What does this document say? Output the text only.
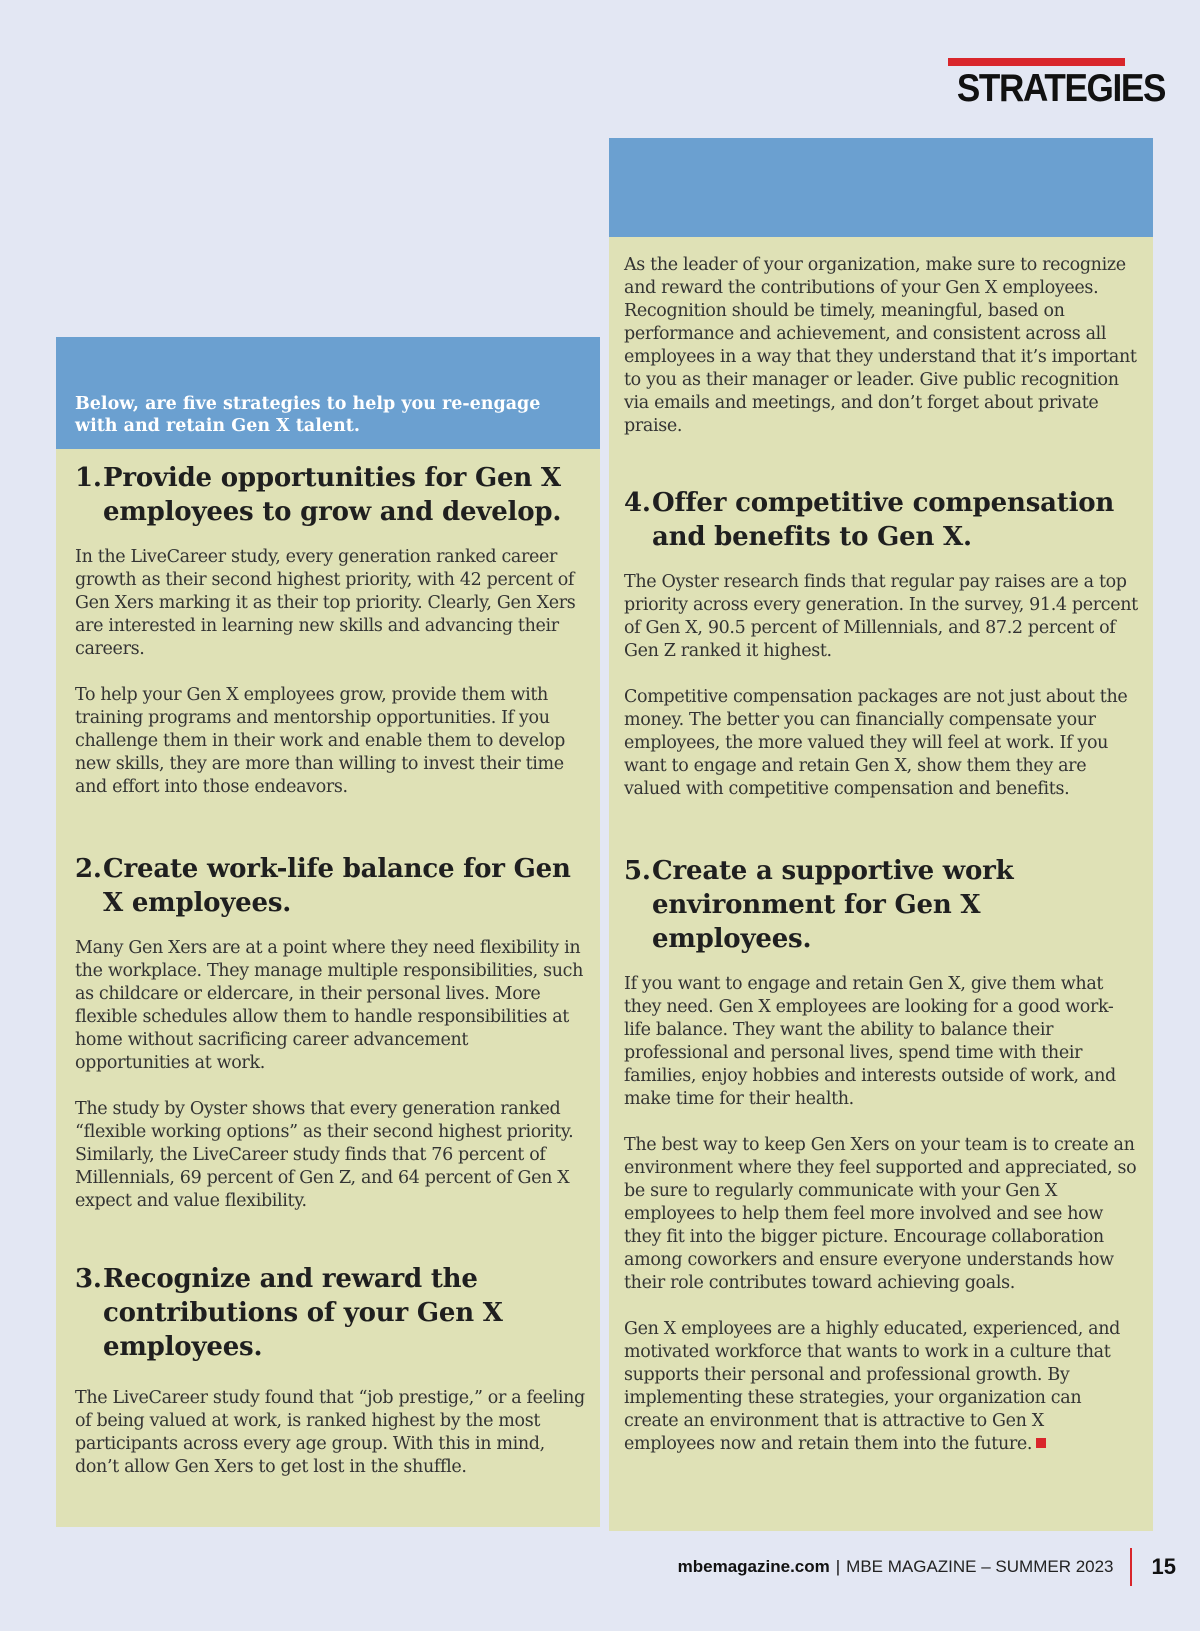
STRATEGIES
Below, are five strategies to help you re-engage with and retain Gen X talent.
1. Provide opportunities for Gen X employees to grow and develop.

In the LiveCareer study, every generation ranked career growth as their second highest priority, with 42 percent of Gen Xers marking it as their top priority. Clearly, Gen Xers are interested in learning new skills and advancing their careers.

To help your Gen X employees grow, provide them with training programs and mentorship opportunities. If you challenge them in their work and enable them to develop new skills, they are more than willing to invest their time and effort into those endeavors.

2. Create work-life balance for Gen X employees.

Many Gen Xers are at a point where they need flexibility in the workplace. They manage multiple responsibilities, such as childcare or eldercare, in their personal lives. More flexible schedules allow them to handle responsibilities at home without sacrificing career advancement opportunities at work.

The study by Oyster shows that every generation ranked “flexible working options” as their second highest priority. Similarly, the LiveCareer study finds that 76 percent of Millennials, 69 percent of Gen Z, and 64 percent of Gen X expect and value flexibility.

3. Recognize and reward the contributions of your Gen X employees.

The LiveCareer study found that “job prestige,” or a feeling of being valued at work, is ranked highest by the most participants across every age group. With this in mind, don’t allow Gen Xers to get lost in the shuffle.

As the leader of your organization, make sure to recognize and reward the contributions of your Gen X employees. Recognition should be timely, meaningful, based on performance and achievement, and consistent across all employees in a way that they understand that it’s important to you as their manager or leader. Give public recognition via emails and meetings, and don’t forget about private praise.

4. Offer competitive compensation and benefits to Gen X.

The Oyster research finds that regular pay raises are a top priority across every generation. In the survey, 91.4 percent of Gen X, 90.5 percent of Millennials, and 87.2 percent of Gen Z ranked it highest.

Competitive compensation packages are not just about the money. The better you can financially compensate your employees, the more valued they will feel at work. If you want to engage and retain Gen X, show them they are valued with competitive compensation and benefits.

5. Create a supportive work environment for Gen X employees.

If you want to engage and retain Gen X, give them what they need. Gen X employees are looking for a good work-life balance. They want the ability to balance their professional and personal lives, spend time with their families, enjoy hobbies and interests outside of work, and make time for their health.

The best way to keep Gen Xers on your team is to create an environment where they feel supported and appreciated, so be sure to regularly communicate with your Gen X employees to help them feel more involved and see how they fit into the bigger picture. Encourage collaboration among coworkers and ensure everyone understands how their role contributes toward achieving goals.

Gen X employees are a highly educated, experienced, and motivated workforce that wants to work in a culture that supports their personal and professional growth. By implementing these strategies, your organization can create an environment that is attractive to Gen X employees now and retain them into the future.

mbemagazine.com | MBE MAGAZINE – SUMMER 2023 15
